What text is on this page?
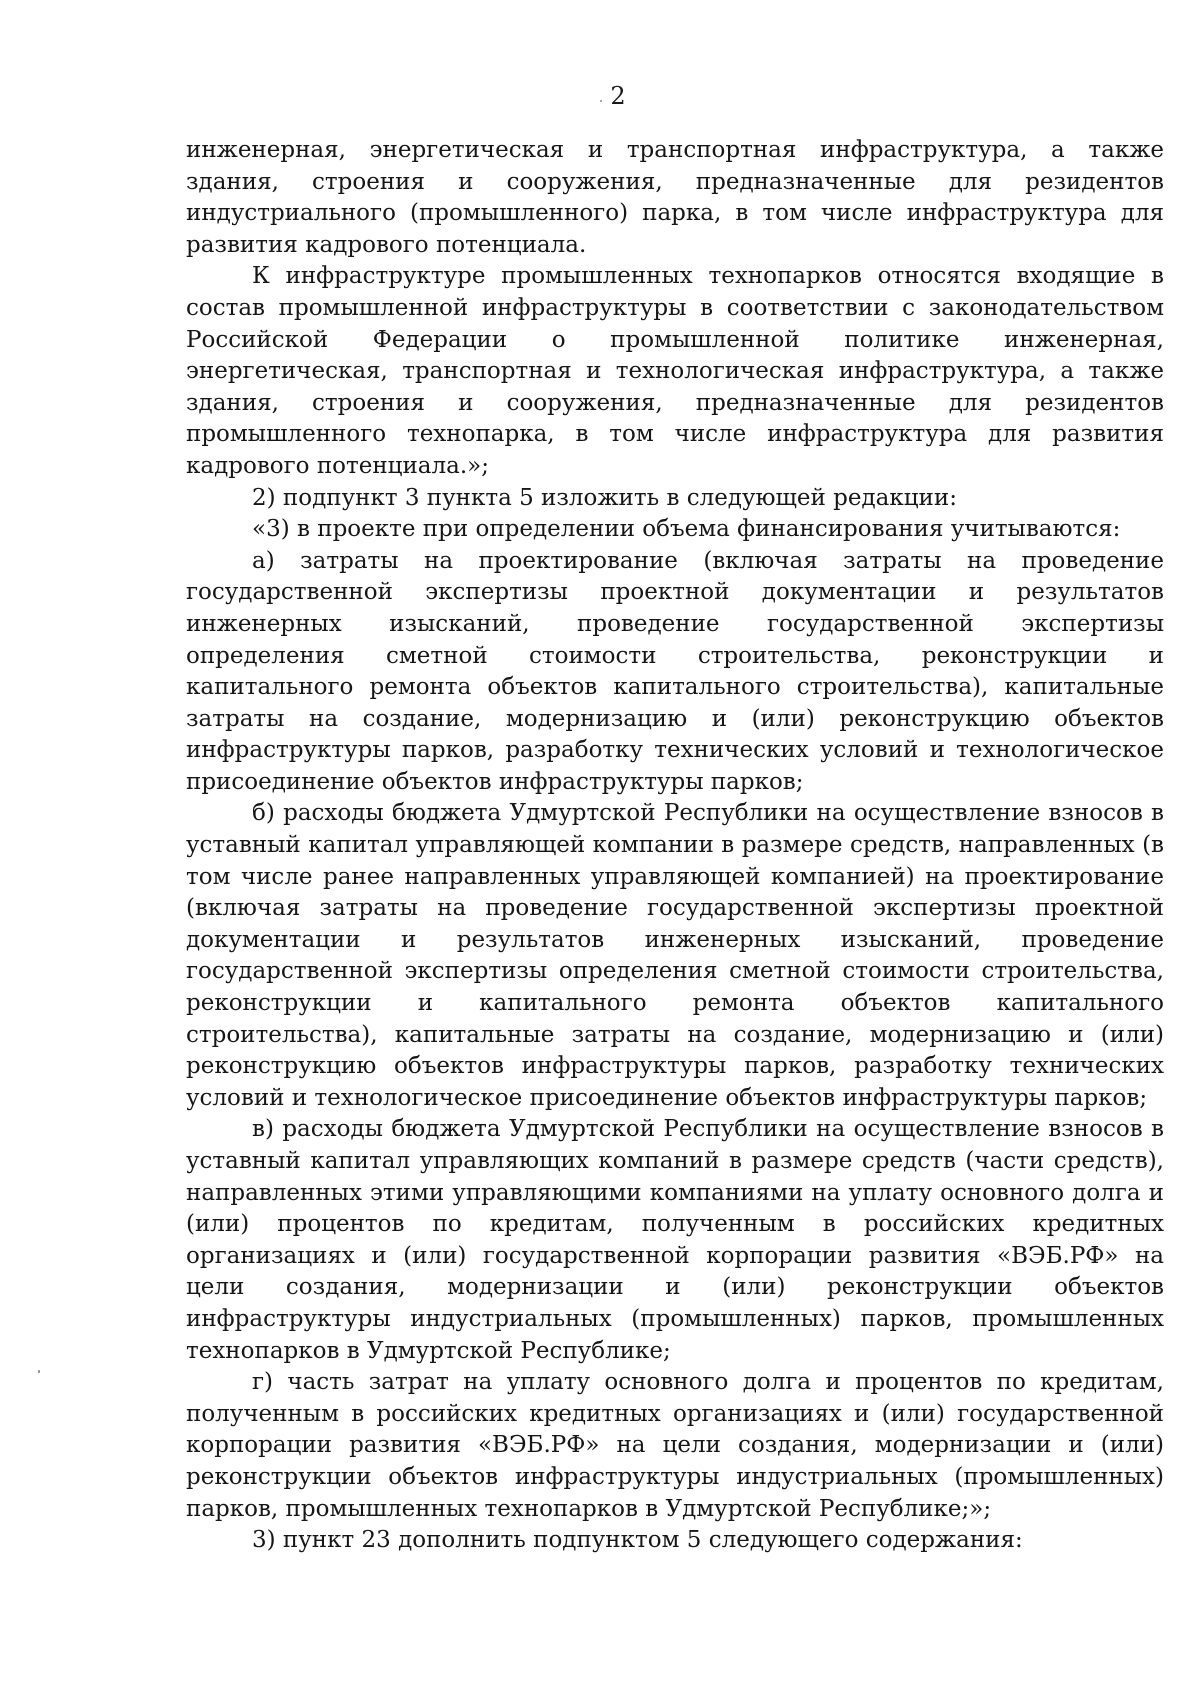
2

инженерная, энергетическая и транспортная инфраструктура, а также здания, строения и сооружения, предназначенные для резидентов индустриального (промышленного) парка, в том числе инфраструктура для развития кадрового потенциала.

К инфраструктуре промышленных технопарков относятся входящие в состав промышленной инфраструктуры в соответствии с законодательством Российской Федерации о промышленной политике инженерная, энергетическая, транспортная и технологическая инфраструктура, а также здания, строения и сооружения, предназначенные для резидентов промышленного технопарка, в том числе инфраструктура для развития кадрового потенциала.»;

2) подпункт 3 пункта 5 изложить в следующей редакции:

«3) в проекте при определении объема финансирования учитываются:

а) затраты на проектирование (включая затраты на проведение государственной экспертизы проектной документации и результатов инженерных изысканий, проведение государственной экспертизы определения сметной стоимости строительства, реконструкции и капитального ремонта объектов капитального строительства), капитальные затраты на создание, модернизацию и (или) реконструкцию объектов инфраструктуры парков, разработку технических условий и технологическое присоединение объектов инфраструктуры парков;

б) расходы бюджета Удмуртской Республики на осуществление взносов в уставный капитал управляющей компании в размере средств, направленных (в том числе ранее направленных управляющей компанией) на проектирование (включая затраты на проведение государственной экспертизы проектной документации и результатов инженерных изысканий, проведение государственной экспертизы определения сметной стоимости строительства, реконструкции и капитального ремонта объектов капитального строительства), капитальные затраты на создание, модернизацию и (или) реконструкцию объектов инфраструктуры парков, разработку технических условий и технологическое присоединение объектов инфраструктуры парков;

в) расходы бюджета Удмуртской Республики на осуществление взносов в уставный капитал управляющих компаний в размере средств (части средств), направленных этими управляющими компаниями на уплату основного долга и (или) процентов по кредитам, полученным в российских кредитных организациях и (или) государственной корпорации развития «ВЭБ.РФ» на цели создания, модернизации и (или) реконструкции объектов инфраструктуры индустриальных (промышленных) парков, промышленных технопарков в Удмуртской Республике;

г) часть затрат на уплату основного долга и процентов по кредитам, полученным в российских кредитных организациях и (или) государственной корпорации развития «ВЭБ.РФ» на цели создания, модернизации и (или) реконструкции объектов инфраструктуры индустриальных (промышленных) парков, промышленных технопарков в Удмуртской Республике;»;

3) пункт 23 дополнить подпунктом 5 следующего содержания:
